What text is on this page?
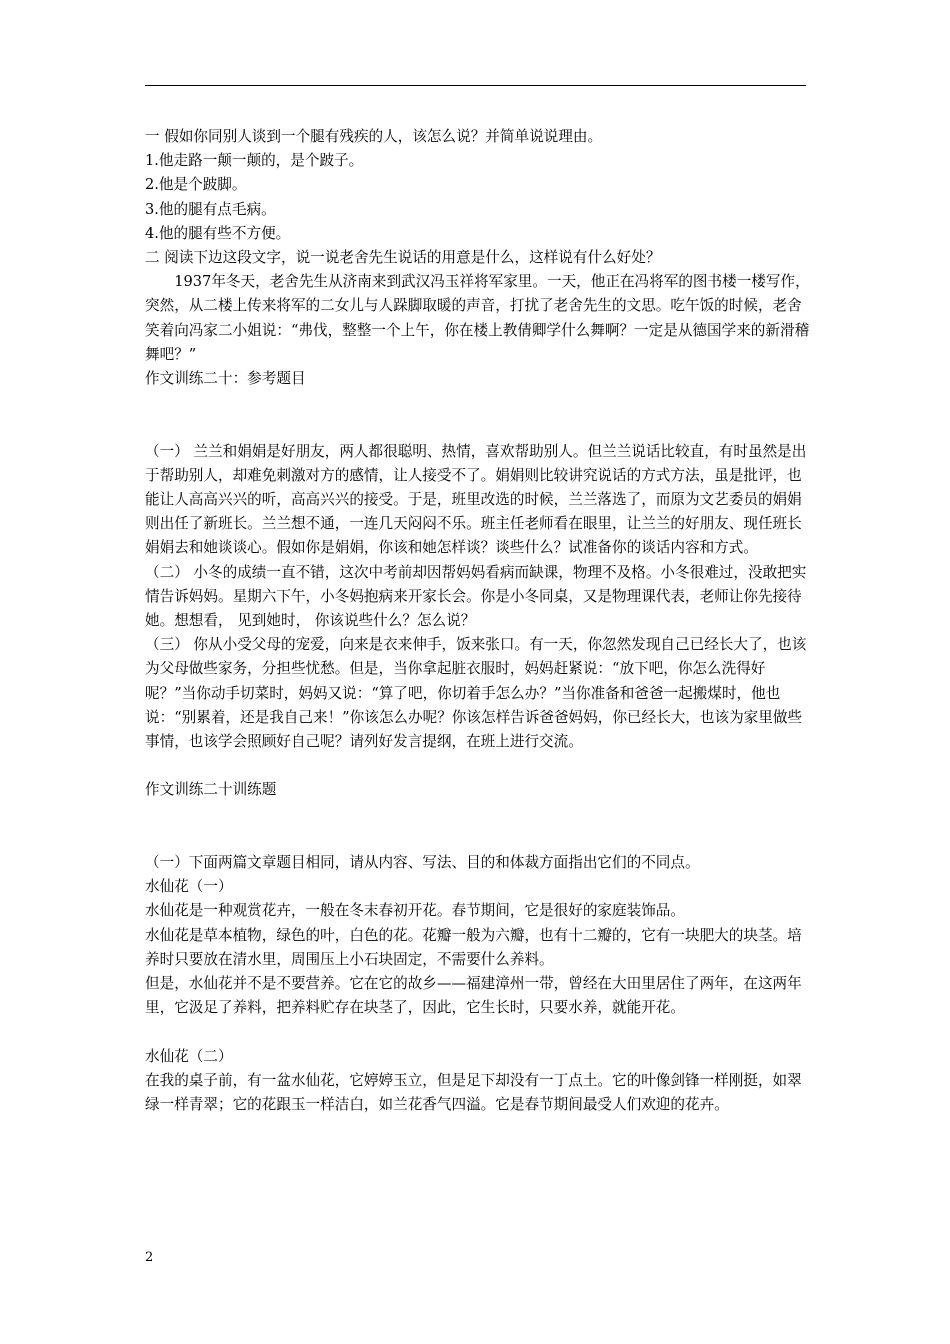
一 假如你同别人谈到一个腿有残疾的人，该怎么说？并简单说说理由。

1.他走路一颠一颠的，是个跛子。

2.他是个跛脚。

3.他的腿有点毛病。

4.他的腿有些不方便。

二 阅读下边这段文字，说一说老舍先生说话的用意是什么，这样说有什么好处？

1937年冬天，老舍先生从济南来到武汉冯玉祥将军家里。一天，他正在冯将军的图书楼一楼写作，突然，从二楼上传来将军的二女儿与人跺脚取暖的声音，打扰了老舍先生的文思。吃午饭的时候，老舍笑着向冯家二小姐说：“弗伐，整整一个上午，你在楼上教倩卿学什么舞啊？一定是从德国学来的新滑稽舞吧？”

作文训练二十：参考题目

（一） 兰兰和娟娟是好朋友，两人都很聪明、热情，喜欢帮助别人。但兰兰说话比较直，有时虽然是出于帮助别人，却难免刺激对方的感情，让人接受不了。娟娟则比较讲究说话的方式方法，虽是批评，也能让人高高兴兴的听，高高兴兴的接受。于是，班里改选的时候，兰兰落选了，而原为文艺委员的娟娟则出任了新班长。兰兰想不通，一连几天闷闷不乐。班主任老师看在眼里，让兰兰的好朋友、现任班长娟娟去和她谈谈心。假如你是娟娟，你该和她怎样谈？谈些什么？试准备你的谈话内容和方式。

（二） 小冬的成绩一直不错，这次中考前却因帮妈妈看病而缺课，物理不及格。小冬很难过，没敢把实情告诉妈妈。星期六下午，小冬妈抱病来开家长会。你是小冬同桌，又是物理课代表，老师让你先接待她。想想看， 见到她时， 你该说些什么？怎么说？

（三） 你从小受父母的宠爱，向来是衣来伸手，饭来张口。有一天，你忽然发现自己已经长大了，也该为父母做些家务，分担些忧愁。但是，当你拿起脏衣服时，妈妈赶紧说：“放下吧，你怎么洗得好呢？”当你动手切菜时，妈妈又说：“算了吧，你切着手怎么办？”当你准备和爸爸一起搬煤时，他也说：“别累着，还是我自己来！”你该怎么办呢？你该怎样告诉爸爸妈妈，你已经长大，也该为家里做些事情，也该学会照顾好自己呢？请列好发言提纲，在班上进行交流。

作文训练二十训练题

（一）下面两篇文章题目相同，请从内容、写法、目的和体裁方面指出它们的不同点。

水仙花（一）

水仙花是一种观赏花卉，一般在冬末春初开花。春节期间，它是很好的家庭装饰品。

水仙花是草本植物，绿色的叶，白色的花。花瓣一般为六瓣，也有十二瓣的，它有一块肥大的块茎。培养时只要放在清水里，周围压上小石块固定，不需要什么养料。

但是，水仙花并不是不要营养。它在它的故乡——福建漳州一带，曾经在大田里居住了两年，在这两年里，它汲足了养料，把养料贮存在块茎了，因此，它生长时，只要水养，就能开花。

水仙花（二）

在我的桌子前，有一盆水仙花，它婷婷玉立，但是足下却没有一丁点土。它的叶像剑锋一样刚挺，如翠绿一样青翠；它的花跟玉一样洁白，如兰花香气四溢。它是春节期间最受人们欢迎的花卉。

2
